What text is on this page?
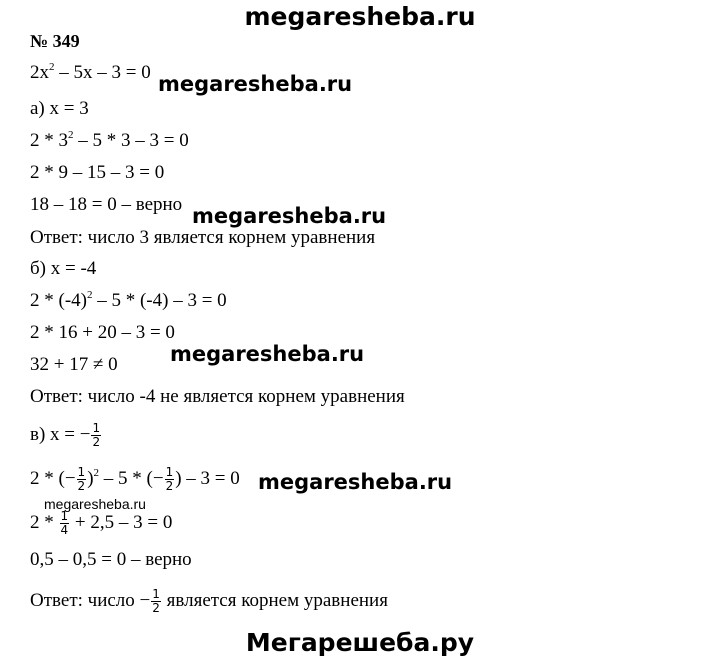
megaresheba.ru
megaresheba.ru
megaresheba.ru
megaresheba.ru
megaresheba.ru
megaresheba.ru
№ 349
$2x^2 - 5x - 3 = 0$
а) x = 3
$2 * 3^2 - 5 * 3 - 3 = 0$
2 * 9 – 15 – 3 = 0
18 – 18 = 0 – верно
Ответ: число 3 является корнем уравнения
б) x = -4
$2 * (-4)^2 - 5 * (-4) - 3 = 0$
2 * 16 + 20 – 3 = 0
32 + 17 ≠ 0
Ответ: число -4 не является корнем уравнения
в) x = − $\frac{1}{2}$
2 * (− $\frac{1}{2} )^2 - 5$ * (− $\frac{1}{2}$ ) – 3 = 0
$2 * \frac{1}{4} + 2,5 - 3 = 0$
0,5 – 0,5 = 0 – верно
Ответ: число − $\frac{1}{2}$ является корнем уравнения
Мегарешеба.ру
